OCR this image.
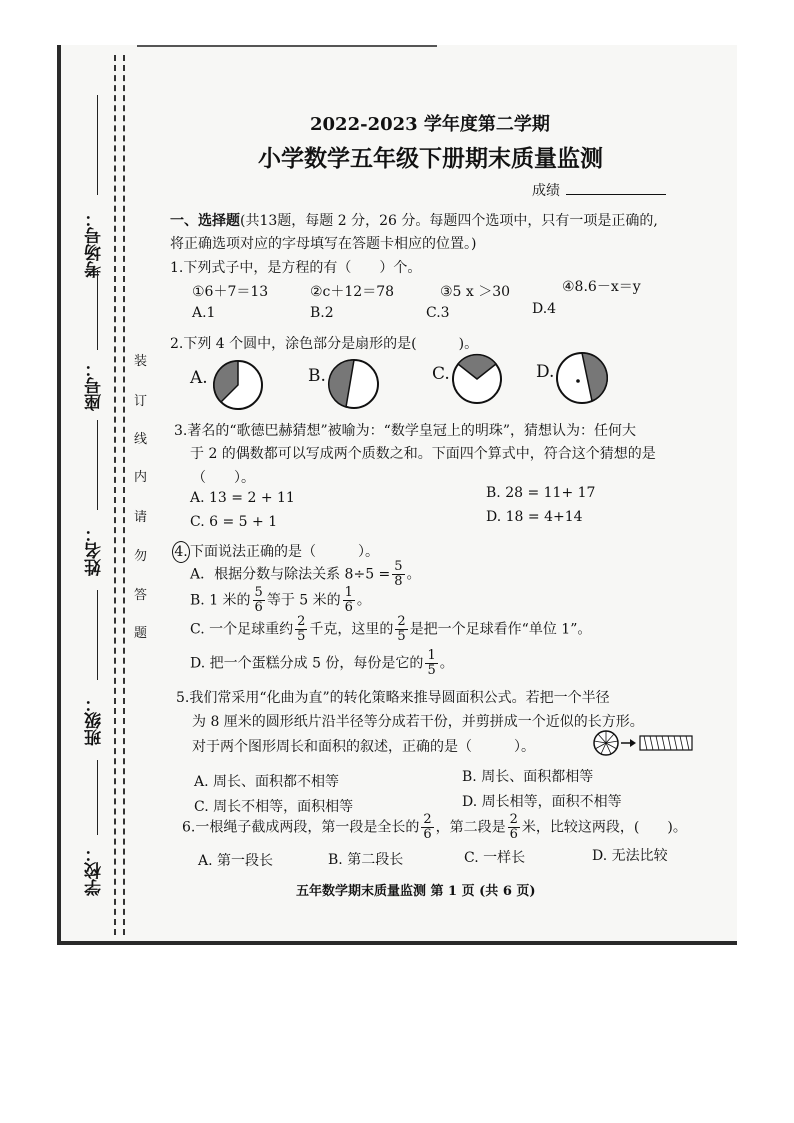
考场号：
座号：
姓名：
班级：
学校：
装
订
线
内
请
勿
答
题
2022-2023 学年度第二学期
小学数学五年级下册期末质量监测
成绩
一、选择题(共13题，每题 2 分，26 分。每题四个选项中，只有一项是正确的,
将正确选项对应的字母填写在答题卡相应的位置。)
1.下列式子中，是方程的有（　　）个。
①6＋7＝13	②c＋12＝78	③5 x ＞30	④8.6－x＝y
A.1	B.2	C.3	D.4
2.下列 4 个圆中，涂色部分是扇形的是(　　　)。
A.	B.	C.	D.
3.著名的“歌德巴赫猜想”被喻为：“数学皇冠上的明珠”，猜想认为：任何大
于 2 的偶数都可以写成两个质数之和。下面四个算式中，符合这个猜想的是
（　　）。
A. 13 = 2 + 11	B. 28 = 11+ 17
C. 6 = 5 + 1	D. 18 = 4+14
4. 下面说法正确的是（　　　）。
A．根据分数与除法关系 $8\div 5 = \frac{5}{8}$ 。
B. 1 米的 $\frac{5}{6}$ 等于 5 米的 $\frac{1}{6}$ 。
C. 一个足球重约 $\frac{2}{5}$ 千克，这里的 $\frac{2}{5}$ 是把一个足球看作“单位 1”。
D. 把一个蛋糕分成 5 份，每份是它的 $\frac{1}{5}$ 。
5.我们常采用“化曲为直”的转化策略来推导圆面积公式。若把一个半径
为 8 厘米的圆形纸片沿半径等分成若干份，并剪拼成一个近似的长方形。
对于两个图形周长和面积的叙述，正确的是（　　　）。
A. 周长、面积都不相等	B. 周长、面积都相等
C. 周长不相等，面积相等	D. 周长相等，面积不相等
6.一根绳子截成两段，第一段是全长的 $\frac{2}{6}$ ，第二段是 $\frac{2}{6}$ 米，比较这两段，(　　)。
A. 第一段长	B. 第二段长	C. 一样长	D. 无法比较
五年数学期末质量监测 第 1 页 (共 6 页)
